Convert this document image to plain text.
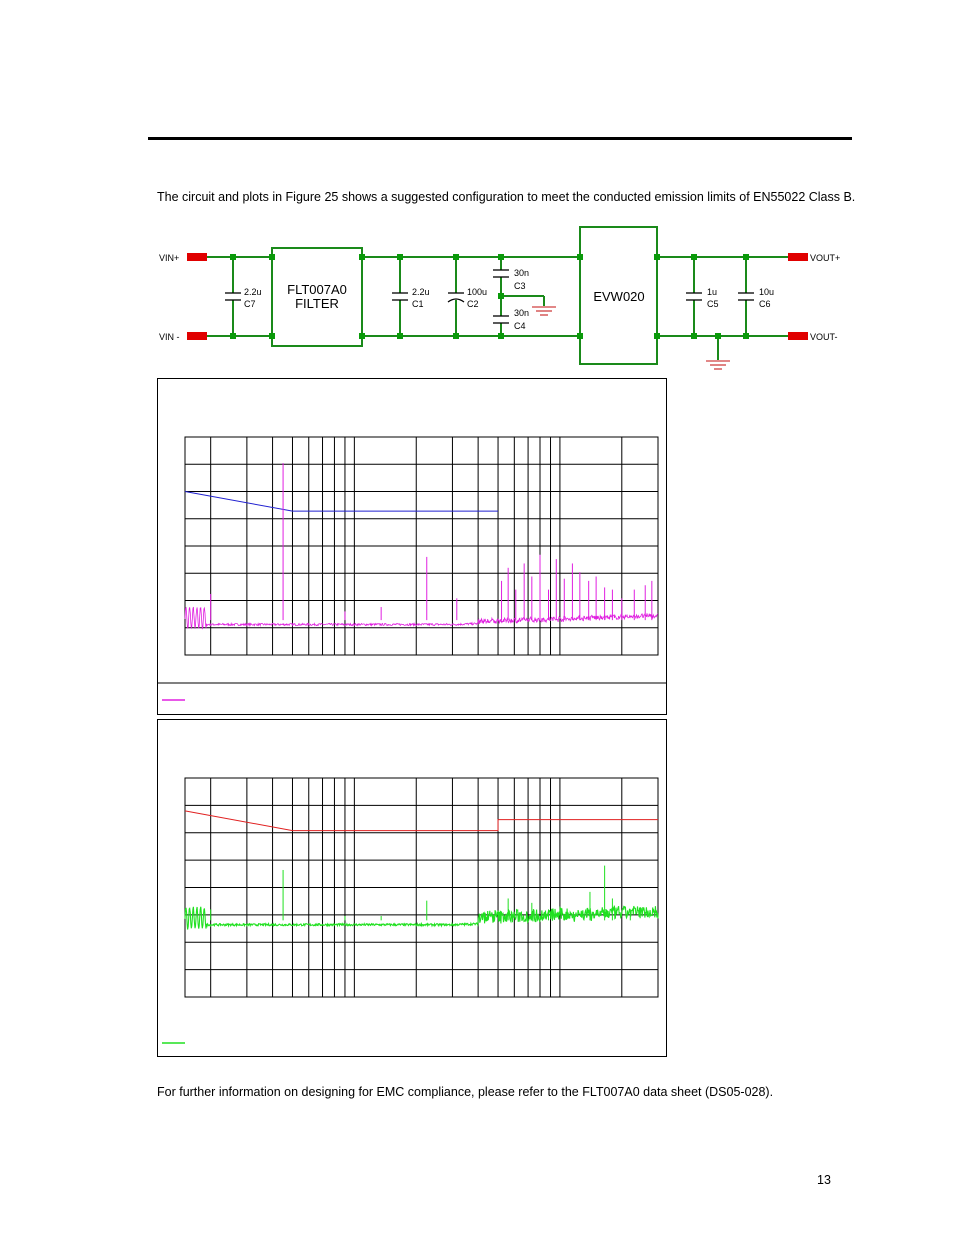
The circuit and plots in Figure 25 shows a suggested configuration to meet the conducted emission limits of EN55022 Class B.

VIN+
VIN -
VOUT+
VOUT-
2.2u
C7
2.2u
C1
100u
C2
30n
C3
30n
C4
1u
C5
10u
C6
FLT007A0
FILTER	EVW020

For further information on designing for EMC compliance, please refer to the FLT007A0 data sheet (DS05-028).

13
